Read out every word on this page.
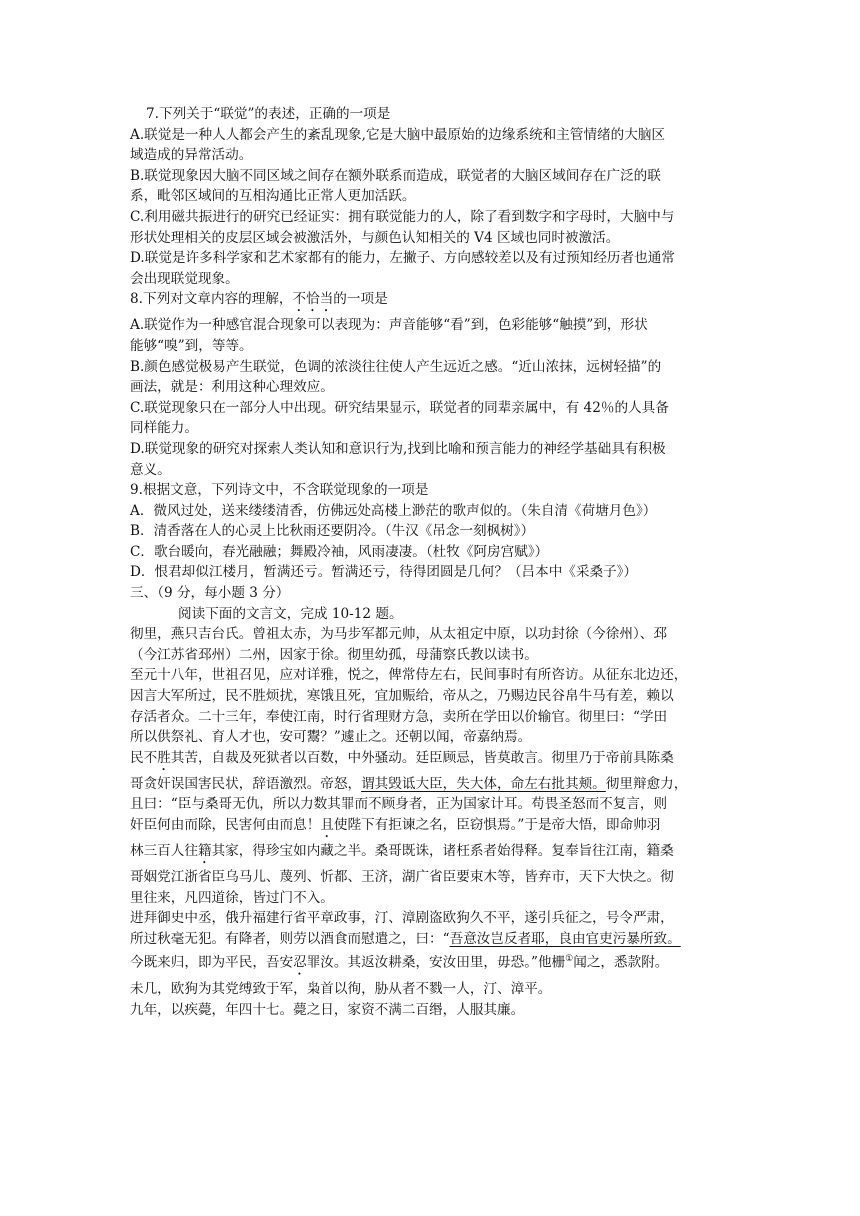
7.下列关于“联觉”的表述，正确的一项是
A.联觉是一种人人都会产生的紊乱现象,它是大脑中最原始的边缘系统和主管情绪的大脑区
域造成的异常活动。
B.联觉现象因大脑不同区域之间存在额外联系而造成，联觉者的大脑区域间存在广泛的联
系，毗邻区域间的互相沟通比正常人更加活跃。
C.利用磁共振进行的研究已经证实：拥有联觉能力的人，除了看到数字和字母时，大脑中与
形状处理相关的皮层区域会被激活外，与颜色认知相关的 V4 区域也同时被激活。
D.联觉是许多科学家和艺术家都有的能力，左撇子、方向感较差以及有过预知经历者也通常
会出现联觉现象。
8.下列对文章内容的理解，不恰当的一项是
A.联觉作为一种感官混合现象可以表现为：声音能够“看”到，色彩能够“触摸”到，形状
能够“嗅”到，等等。
B.颜色感觉极易产生联觉，色调的浓淡往往使人产生远近之感。“近山浓抹，远树轻描”的
画法，就是：利用这种心理效应。
C.联觉现象只在一部分人中出现。研究结果显示，联觉者的同辈亲属中，有 42％的人具备
同样能力。
D.联觉现象的研究对探索人类认知和意识行为,找到比喻和预言能力的神经学基础具有积极
意义。
9.根据文意，下列诗文中，不含联觉现象的一项是
A．微风过处，送来缕缕清香，仿佛远处高楼上渺茫的歌声似的。（朱自清《荷塘月色》）
B．清香落在人的心灵上比秋雨还要阴冷。（牛汉《吊念一刻枫树》）
C．歌台暖向，春光融融；舞殿冷袖，风雨凄凄。（杜牧《阿房宫赋》）
D．恨君却似江楼月，暂满还亏。暂满还亏，待得团圆是几何？（吕本中《采桑子》）
三、（9 分，每小题 3 分）
阅读下面的文言文，完成 10-12 题。
彻里，燕只吉台氏。曾祖太赤，为马步军都元帅，从太祖定中原，以功封徐（今徐州）、邳
（今江苏省邳州）二州，因家于徐。彻里幼孤，母蒲察氏教以读书。
至元十八年，世祖召见，应对详雅，悦之，俾常侍左右，民间事时有所咨访。从征东北边还，
因言大军所过，民不胜烦扰，寒饿且死，宜加赈给，帝从之，乃赐边民谷帛牛马有差，赖以
存活者众。二十三年，奉使江南，时行省理财方急，卖所在学田以价输官。彻里曰：“学田
所以供祭礼、育人才也，安可鬻？”遽止之。还朝以闻，帝嘉纳焉。
民不胜其苦，自裁及死狱者以百数，中外骚动。廷臣顾忌，皆莫敢言。彻里乃于帝前具陈桑
哥贪奸误国害民状，辞语激烈。帝怒，谓其毁诋大臣，失大体，命左右批其颊。彻里辩愈力，
且曰：“臣与桑哥无仇，所以力数其罪而不顾身者，正为国家计耳。苟畏圣怒而不复言，则
奸臣何由而除，民害何由而息！且使陛下有拒谏之名，臣窃惧焉。”于是帝大悟，即命帅羽
林三百人往籍其家，得珍宝如内藏之半。桑哥既诛，诸枉系者始得释。复奉旨往江南，籍桑
哥姻党江浙省臣乌马儿、蔑列、忻都、王济，湖广省臣要束木等，皆弃市，天下大快之。彻
里往来，凡四道徐，皆过门不入。
进拜御史中丞，俄升福建行省平章政事，汀、漳剧盗欧狗久不平，遂引兵征之，号令严肃，
所过秋毫无犯。有降者，则劳以酒食而慰遣之，曰：“吾意汝岂反者耶，良由官吏污暴所致。
今既来归，即为平民，吾安忍罪汝。其返汝耕桑，安汝田里，毋恐。”他栅①闻之，悉款附。
未几，欧狗为其党缚致于军，枭首以徇，胁从者不戮一人，汀、漳平。
九年，以疾薨，年四十七。薨之日，家资不满二百缗，人服其廉。
